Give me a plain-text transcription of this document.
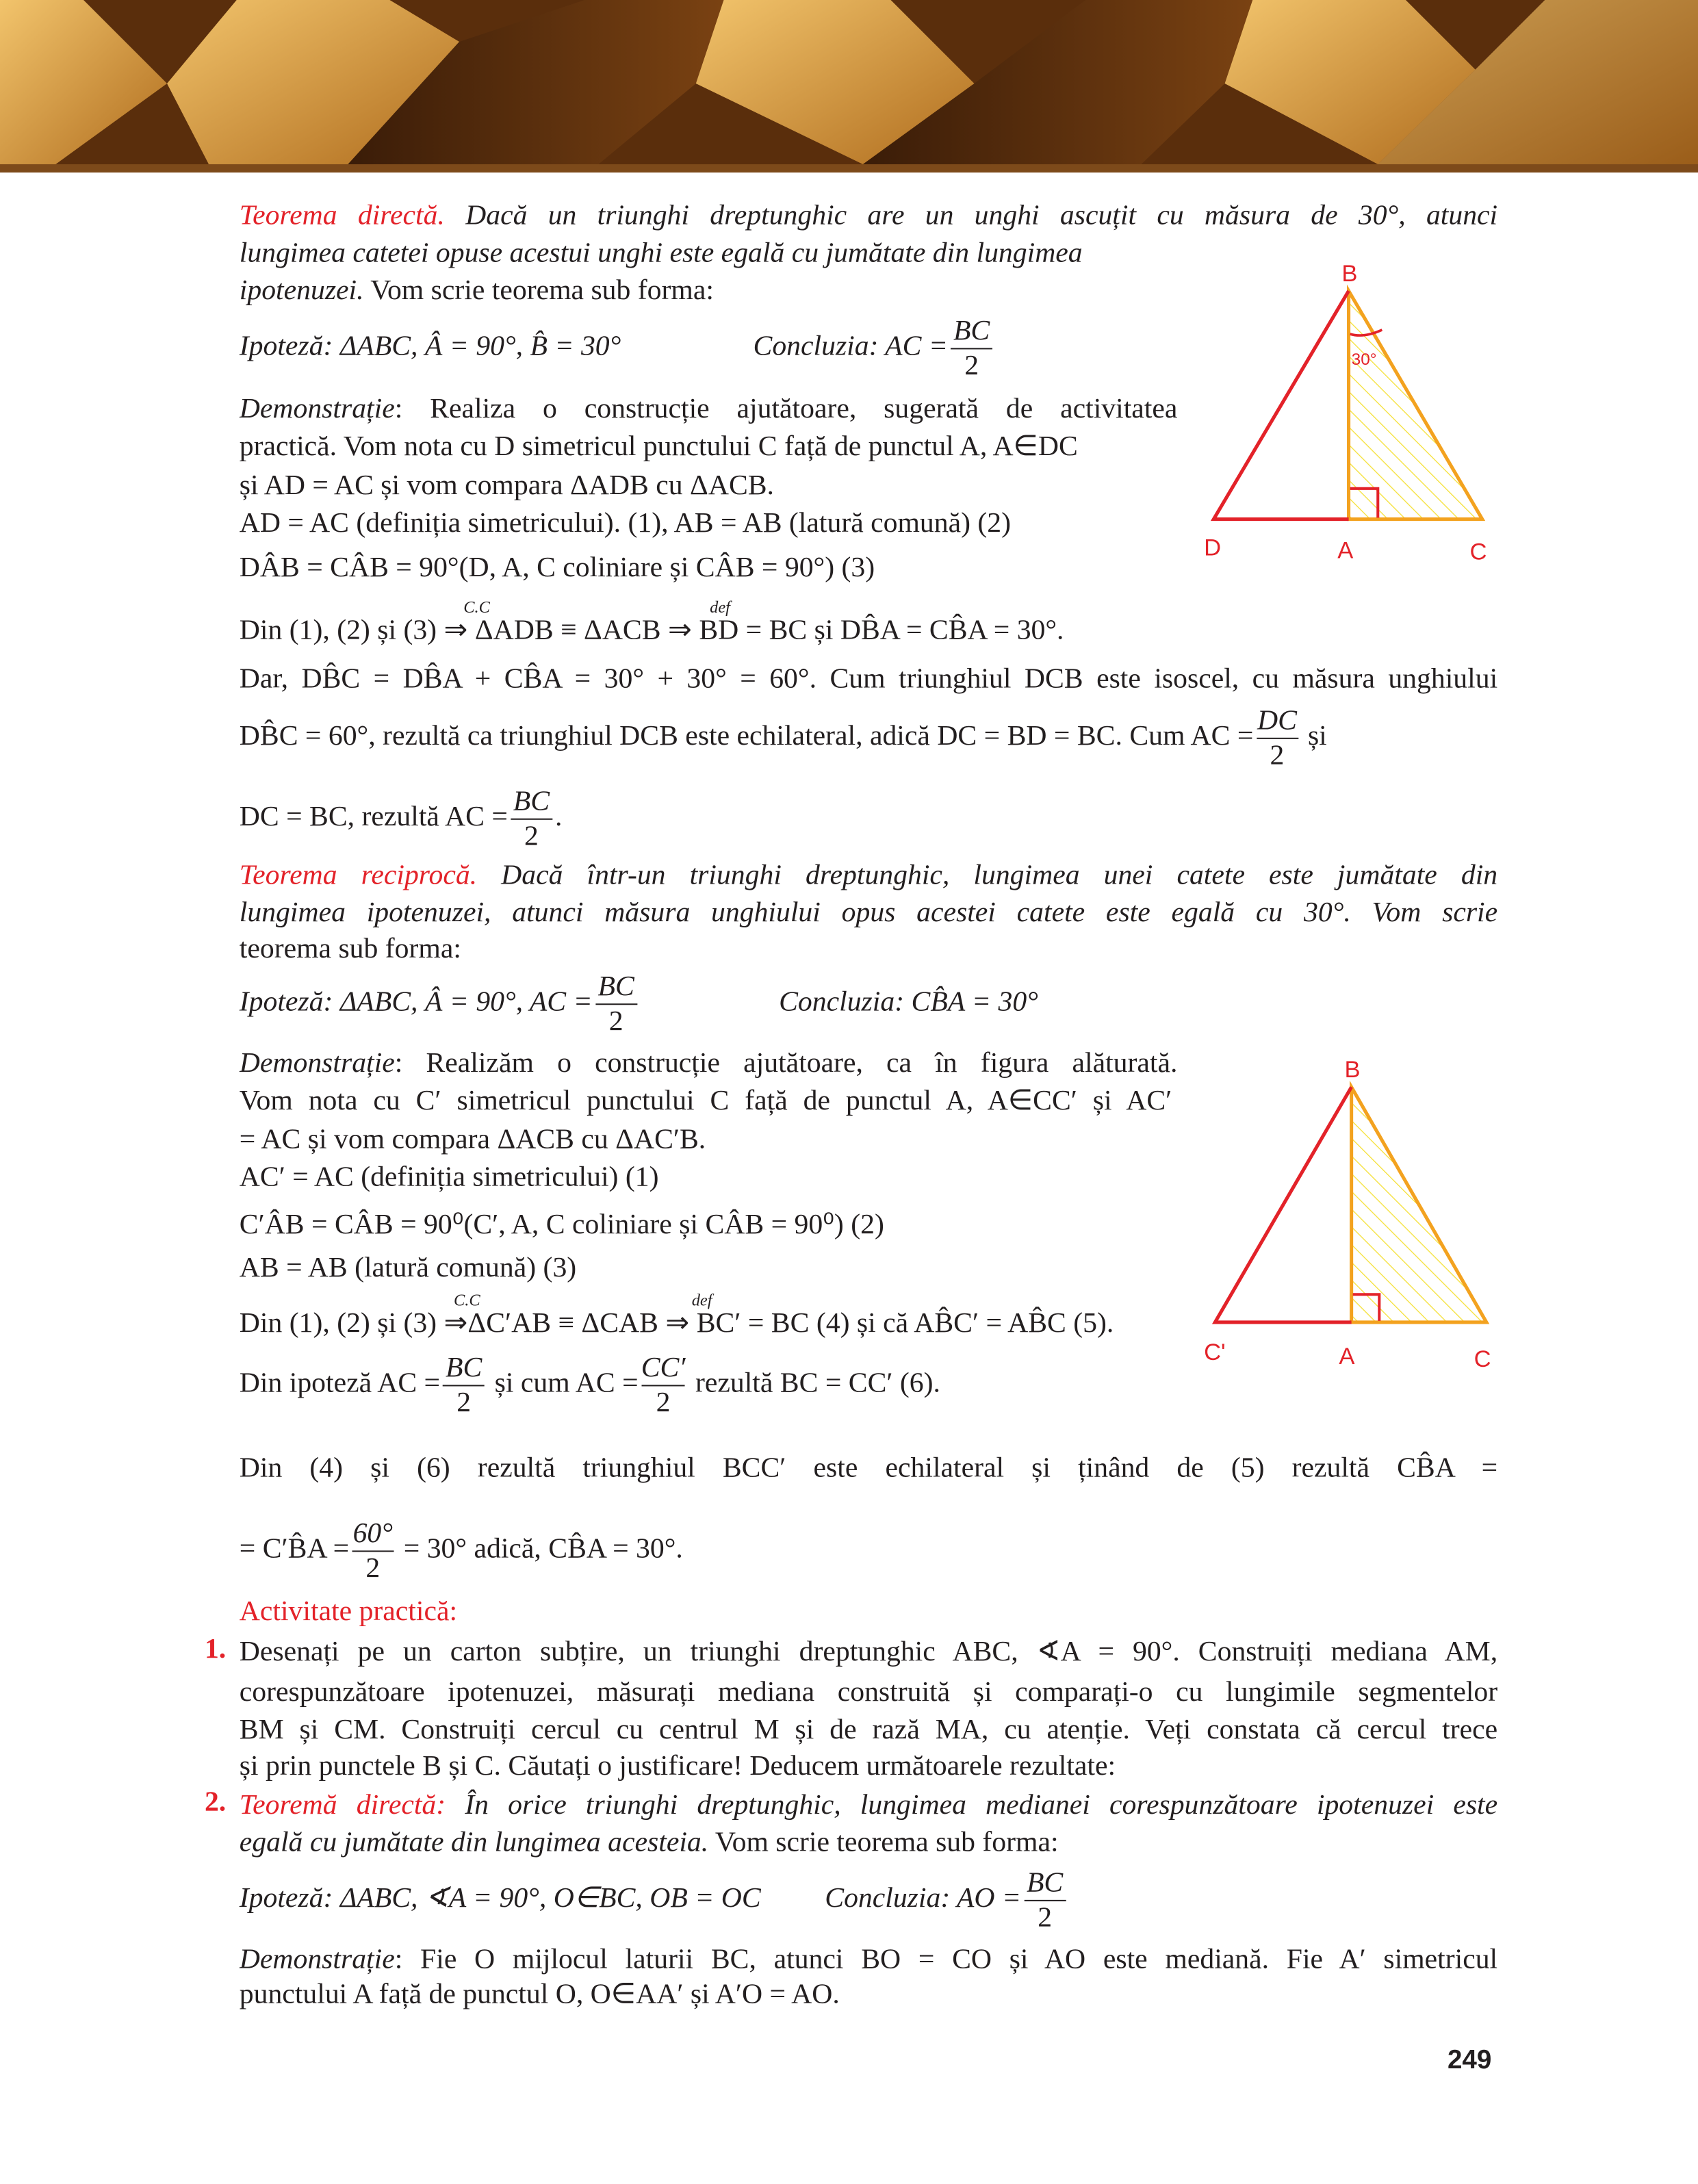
Teorema directă. Dacă un triunghi dreptunghic are un unghi ascuțit cu măsura de 30°, atunci
lungimea catetei opuse acestui unghi este egală cu jumătate din lungimea
ipotenuzei. Vom scrie teorema sub forma:
Ipoteză: ΔABC, Â = 90°, B̂ = 30°	Concluzia: AC = $\frac{BC}{2}$
Demonstrație: Realiza o construcție ajutătoare, sugerată de activitatea
practică. Vom nota cu D simetricul punctului C față de punctul A, A∈DC
și AD = AC și vom compara ΔADB cu ΔACB.
AD = AC (definiția simetricului). (1), AB = AB (latură comună) (2)
DÂB = CÂB = 90°(D, A, C coliniare și CÂB = 90°) (3)
C.C	def
Din (1), (2) și (3) ⇒ ΔADB ≡ ΔACB ⇒ BD = BC și DB̂A = CB̂A = 30°.
Dar, DB̂C = DB̂A + CB̂A = 30° + 30° = 60°. Cum triunghiul DCB este isoscel, cu măsura unghiului
DB̂C = 60°, rezultă ca triunghiul DCB este echilateral, adică DC = BD = BC. Cum AC = $\frac{DC}{2}$ și
DC = BC, rezultă AC = $\frac{BC}{2}$ .
Teorema reciprocă. Dacă într-un triunghi dreptunghic, lungimea unei catete este jumătate din
lungimea ipotenuzei, atunci măsura unghiului opus acestei catete este egală cu 30°. Vom scrie
teorema sub forma:
Ipoteză: ΔABC, Â = 90°, AC = $\frac{BC}{2}$	Concluzia: CB̂A = 30°
Demonstrație: Realizăm o construcție ajutătoare, ca în figura alăturată.
Vom nota cu C′ simetricul punctului C față de punctul A, A∈CC′ și AC′
= AC și vom compara ΔACB cu ΔAC′B.
AC′ = AC (definiția simetricului) (1)
C′ÂB = CÂB = 90⁰(C′, A, C coliniare și CÂB = 90⁰) (2)
AB = AB (latură comună) (3)
C.C	def
Din (1), (2) și (3) ⇒ΔC′AB ≡ ΔCAB ⇒ BC′ = BC (4) și că AB̂C′ = AB̂C (5).
Din ipoteză AC = $\frac{BC}{2}$ și cum AC = $\frac{CC'}{2}$ rezultă BC = CC′ (6).
Din (4) și (6) rezultă triunghiul BCC′ este echilateral și ținând de (5) rezultă CB̂A =
= C′B̂A = $\frac{60^\circ}{2} = 30^\circ$ adică, CB̂A = 30°.
Activitate practică:
1. Desenați pe un carton subțire, un triunghi dreptunghic ABC, ∢A = 90°. Construiți mediana AM,
corespunzătoare ipotenuzei, măsurați mediana construită și comparați-o cu lungimile segmentelor
BM și CM. Construiți cercul cu centrul M și de rază MA, cu atenție. Veți constata că cercul trece
și prin punctele B și C. Căutați o justificare! Deducem următoarele rezultate:
2. Teoremă directă: În orice triunghi dreptunghic, lungimea medianei corespunzătoare ipotenuzei este
egală cu jumătate din lungimea acesteia. Vom scrie teorema sub forma:
Ipoteză: ΔABC, ∢A = 90°, O∈BC, OB = OC	Concluzia: AO = $\frac{BC}{2}$
Demonstrație: Fie O mijlocul laturii BC, atunci BO = CO și AO este mediană. Fie A′ simetricul
punctului A față de punctul O, O∈AA′ și A′O = AO.
249
B
D	A	C
30°
B
C'	A	C
